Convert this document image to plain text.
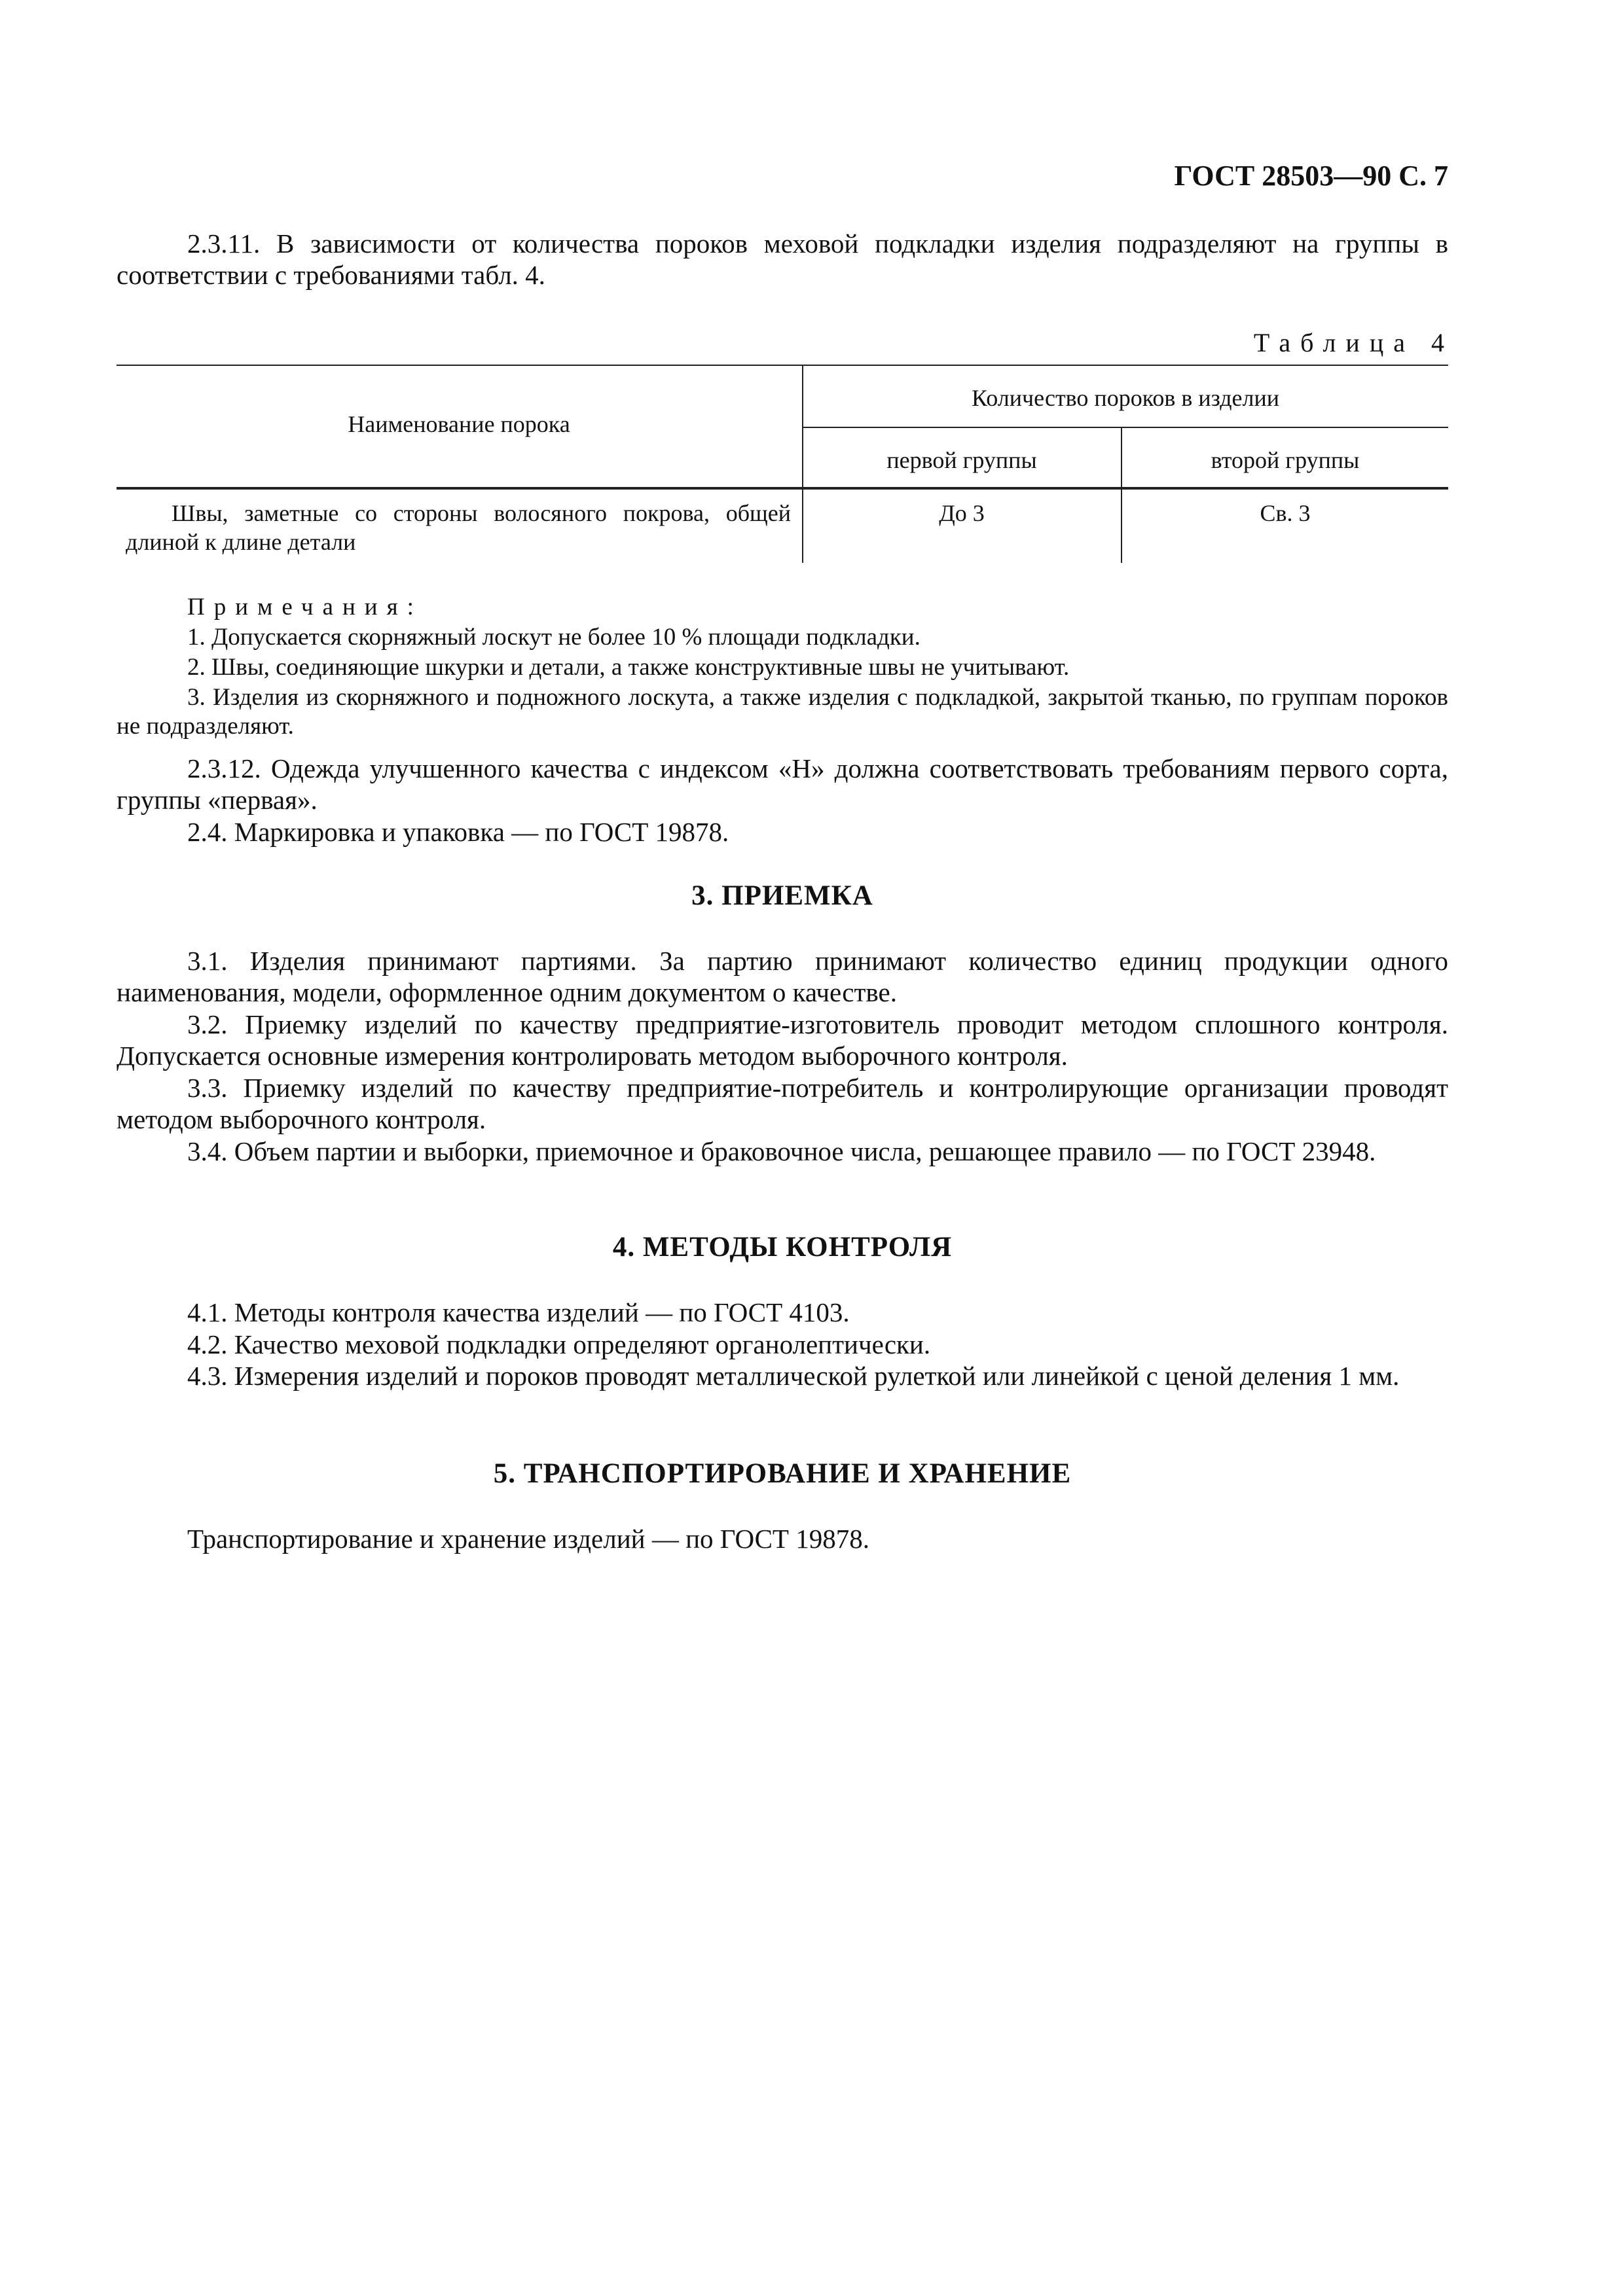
ГОСТ 28503—90 С. 7

2.3.11. В зависимости от количества пороков меховой подкладки изделия подразделяют на группы в соответствии с требованиями табл. 4.

Таблица 4
Наименование порока
Количество пороков в изделии
первой группы	второй группы
Швы, заметные со стороны волосяного покрова, общей длиной к длине детали
До 3	Св. 3
Примечания:

1. Допускается скорняжный лоскут не более 10 % площади подкладки.

2. Швы, соединяющие шкурки и детали, а также конструктивные швы не учитывают.

3. Изделия из скорняжного и подножного лоскута, а также изделия с подкладкой, закрытой тканью, по группам пороков не подразделяют.

2.3.12. Одежда улучшенного качества с индексом «Н» должна соответствовать требованиям первого сорта, группы «первая».

2.4. Маркировка и упаковка — по ГОСТ 19878.

3. ПРИЕМКА

3.1. Изделия принимают партиями. За партию принимают количество единиц продукции одного наименования, модели, оформленное одним документом о качестве.

3.2. Приемку изделий по качеству предприятие-изготовитель проводит методом сплошного контроля. Допускается основные измерения контролировать методом выборочного контроля.

3.3. Приемку изделий по качеству предприятие-потребитель и контролирующие организации проводят методом выборочного контроля.

3.4. Объем партии и выборки, приемочное и браковочное числа, решающее правило — по ГОСТ 23948.

4. МЕТОДЫ КОНТРОЛЯ

4.1. Методы контроля качества изделий — по ГОСТ 4103.

4.2. Качество меховой подкладки определяют органолептически.

4.3. Измерения изделий и пороков проводят металлической рулеткой или линейкой с ценой деления 1 мм.

5. ТРАНСПОРТИРОВАНИЕ И ХРАНЕНИЕ

Транспортирование и хранение изделий — по ГОСТ 19878.
